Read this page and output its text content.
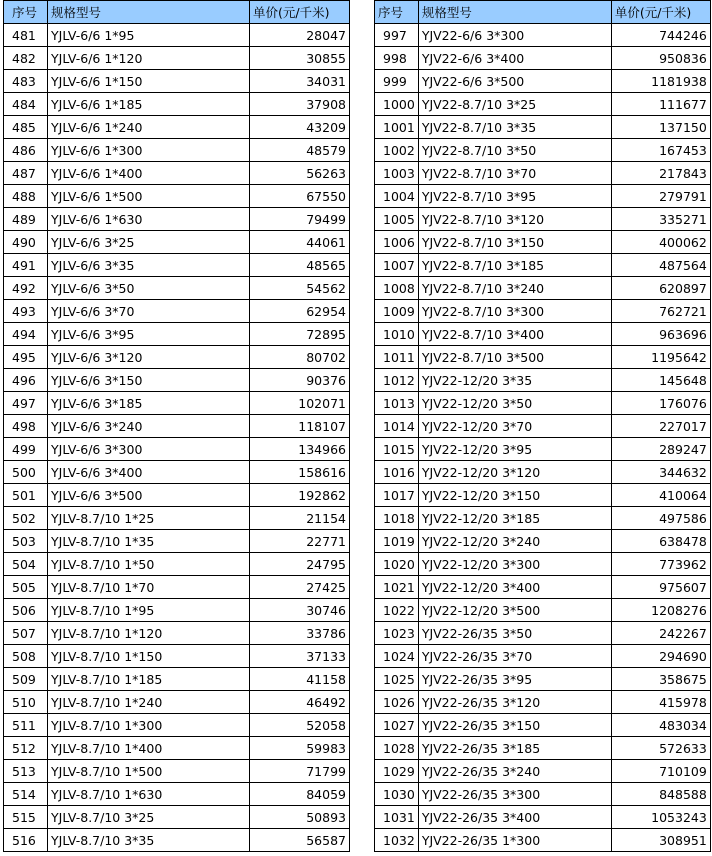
序号	规格型号	单价(元/千米)
481	YJLV-6/6 1*95	28047
482	YJLV-6/6 1*120	30855
483	YJLV-6/6 1*150	34031
484	YJLV-6/6 1*185	37908
485	YJLV-6/6 1*240	43209
486	YJLV-6/6 1*300	48579
487	YJLV-6/6 1*400	56263
488	YJLV-6/6 1*500	67550
489	YJLV-6/6 1*630	79499
490	YJLV-6/6 3*25	44061
491	YJLV-6/6 3*35	48565
492	YJLV-6/6 3*50	54562
493	YJLV-6/6 3*70	62954
494	YJLV-6/6 3*95	72895
495	YJLV-6/6 3*120	80702
496	YJLV-6/6 3*150	90376
497	YJLV-6/6 3*185	102071
498	YJLV-6/6 3*240	118107
499	YJLV-6/6 3*300	134966
500	YJLV-6/6 3*400	158616
501	YJLV-6/6 3*500	192862
502	YJLV-8.7/10 1*25	21154
503	YJLV-8.7/10 1*35	22771
504	YJLV-8.7/10 1*50	24795
505	YJLV-8.7/10 1*70	27425
506	YJLV-8.7/10 1*95	30746
507	YJLV-8.7/10 1*120	33786
508	YJLV-8.7/10 1*150	37133
509	YJLV-8.7/10 1*185	41158
510	YJLV-8.7/10 1*240	46492
511	YJLV-8.7/10 1*300	52058
512	YJLV-8.7/10 1*400	59983
513	YJLV-8.7/10 1*500	71799
514	YJLV-8.7/10 1*630	84059
515	YJLV-8.7/10 3*25	50893
516	YJLV-8.7/10 3*35	56587
序号	规格型号	单价(元/千米)
997	YJV22-6/6 3*300	744246
998	YJV22-6/6 3*400	950836
999	YJV22-6/6 3*500	1181938
1000	YJV22-8.7/10 3*25	111677
1001	YJV22-8.7/10 3*35	137150
1002	YJV22-8.7/10 3*50	167453
1003	YJV22-8.7/10 3*70	217843
1004	YJV22-8.7/10 3*95	279791
1005	YJV22-8.7/10 3*120	335271
1006	YJV22-8.7/10 3*150	400062
1007	YJV22-8.7/10 3*185	487564
1008	YJV22-8.7/10 3*240	620897
1009	YJV22-8.7/10 3*300	762721
1010	YJV22-8.7/10 3*400	963696
1011	YJV22-8.7/10 3*500	1195642
1012	YJV22-12/20 3*35	145648
1013	YJV22-12/20 3*50	176076
1014	YJV22-12/20 3*70	227017
1015	YJV22-12/20 3*95	289247
1016	YJV22-12/20 3*120	344632
1017	YJV22-12/20 3*150	410064
1018	YJV22-12/20 3*185	497586
1019	YJV22-12/20 3*240	638478
1020	YJV22-12/20 3*300	773962
1021	YJV22-12/20 3*400	975607
1022	YJV22-12/20 3*500	1208276
1023	YJV22-26/35 3*50	242267
1024	YJV22-26/35 3*70	294690
1025	YJV22-26/35 3*95	358675
1026	YJV22-26/35 3*120	415978
1027	YJV22-26/35 3*150	483034
1028	YJV22-26/35 3*185	572633
1029	YJV22-26/35 3*240	710109
1030	YJV22-26/35 3*300	848588
1031	YJV22-26/35 3*400	1053243
1032	YJV22-26/35 1*300	308951
